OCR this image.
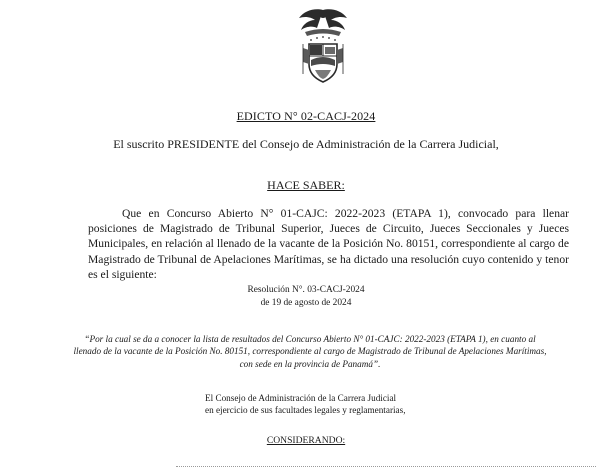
EDICTO N° 02-CACJ-2024
El suscrito PRESIDENTE del Consejo de Administración de la Carrera Judicial,
HACE SABER:
Que en Concurso Abierto N° 01-CAJC: 2022-2023 (ETAPA 1), convocado para llenar posiciones de Magistrado de Tribunal Superior, Jueces de Circuito, Jueces Seccionales y Jueces Municipales, en relación al llenado de la vacante de la Posición No. 80151, correspondiente al cargo de Magistrado de Tribunal de Apelaciones Marítimas, se ha dictado una resolución cuyo contenido y tenor es el siguiente:
Resolución N°. 03-CACJ-2024
de 19 de agosto de 2024
“Por la cual se da a conocer la lista de resultados del Concurso Abierto N° 01-CAJC: 2022-2023 (ETAPA 1), en cuanto al llenado de la vacante de la Posición No. 80151, correspondiente al cargo de Magistrado de Tribunal de Apelaciones Marítimas, con sede en la provincia de Panamá”.
El Consejo de Administración de la Carrera Judicial
en ejercicio de sus facultades legales y reglamentarias,
CONSIDERANDO:
